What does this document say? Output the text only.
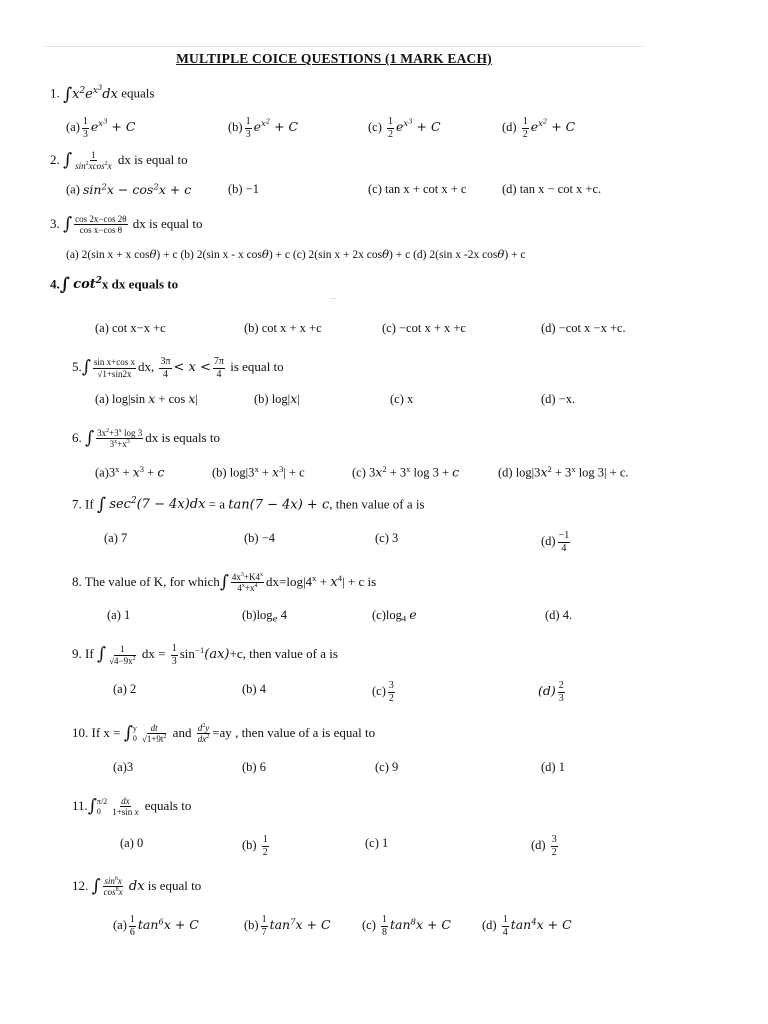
MULTIPLE COICE QUESTIONS (1 MARK EACH)
1. $\int x^2e^{x^3}dx$ equals
$(a) \frac{1}{3} e^{x^3} + C$	$(b) \frac{1}{3} e^{x^2} + C$	$(c) \frac{1}{2} e^{x^3} + C$	$(d) \frac{1}{2} e^{x^2} + C$
2. ∫ $\frac{1}{\sin^2xcos^2x}$ dx is equal to
(a) $\sin^2x - \cos^2x + c$	(b) −1	(c) tan x + cot x + c	(d) tan x − cot x +c.
3. ∫ $\frac{\cos 2x-\cos 2\theta}{\text{cos x−cos θ}}$ dx is equal to
(a) 2(sin x + x cosθ) + c (b) 2(sin x - x cosθ) + c (c) 2(sin x + 2x cosθ) + c (d) 2(sin x -2x cosθ) + c
4.∫ $\cot^2x$ dx equals to
—
(a) cot x−x +c	(b) cot x + x +c	(c) −cot x + x +c	(d) −cot x −x +c.
$5.\int \frac{\text{sin x+cos x}}{√1+\sin 2x}$ dx, $\frac{3\pi}{4} < x < \frac{7\pi}{4}$ is equal to
(a) log|sin x + cos x|	(b) log|x|	(c) x	(d) −x.
6. ∫ $\frac{3x^2+3^x \log 3}{3^x+x^3}$ dx is equals to
$(a)3^x + x^3 + c$	(b) $\log|3^x + x^3| + c$	(c) $3x^2 + 3^x$ log 3 + c	(d) $\log|3x^2 + 3^x$ log 3| + c.
7. If ∫ $\sec^2(7 - 4x)dx = a$ tan(7 − 4x) + c, then value of a is
(a) 7	(b) −4	(c) 3	$(d) \frac{-1}{4}$
8. The value of K, for which∫ $\frac{4x^3+K4^x}{4^x+x^4} dx=\log|4^x + x^4| + c$ is
(a) 1	$(b)\log_e$ 4	$(c)\log_4$ e	(d) 4.
9. If ∫ $\frac{1}{√4-9x^2}$ dx = $\frac{1}{3} \sin^{-1}(ax)+c$, then value of a is
(a) 2	(b) 4	$(c) \frac{3}{2}$	$(d) \frac{2}{3}$
10. If x = ∫ y
$0 \frac{dt}{√1+9t^2}$ and $\frac{d^2y}{dx^2} =ay$ , then value of a is equal to
(a)3	(b) 6	(c) 9	(d) 1
11.∫ π/2
0	$\frac{dx}{\text{1+sin x}}$ equals to
(a) 0	$(b) \frac{1}{2}$	(c) 1	$(d) \frac{3}{2}$
12. ∫ $\frac{\sin^6x}{\cos^8x}$ dx is equal to
$(a) \frac{1}{6} \tan^6x + C$	$(b) \frac{1}{7} \tan^7x + C$	$(c) \frac{1}{8} \tan^8x + C$ $(d) \frac{1}{4} \tan^4x + C$
